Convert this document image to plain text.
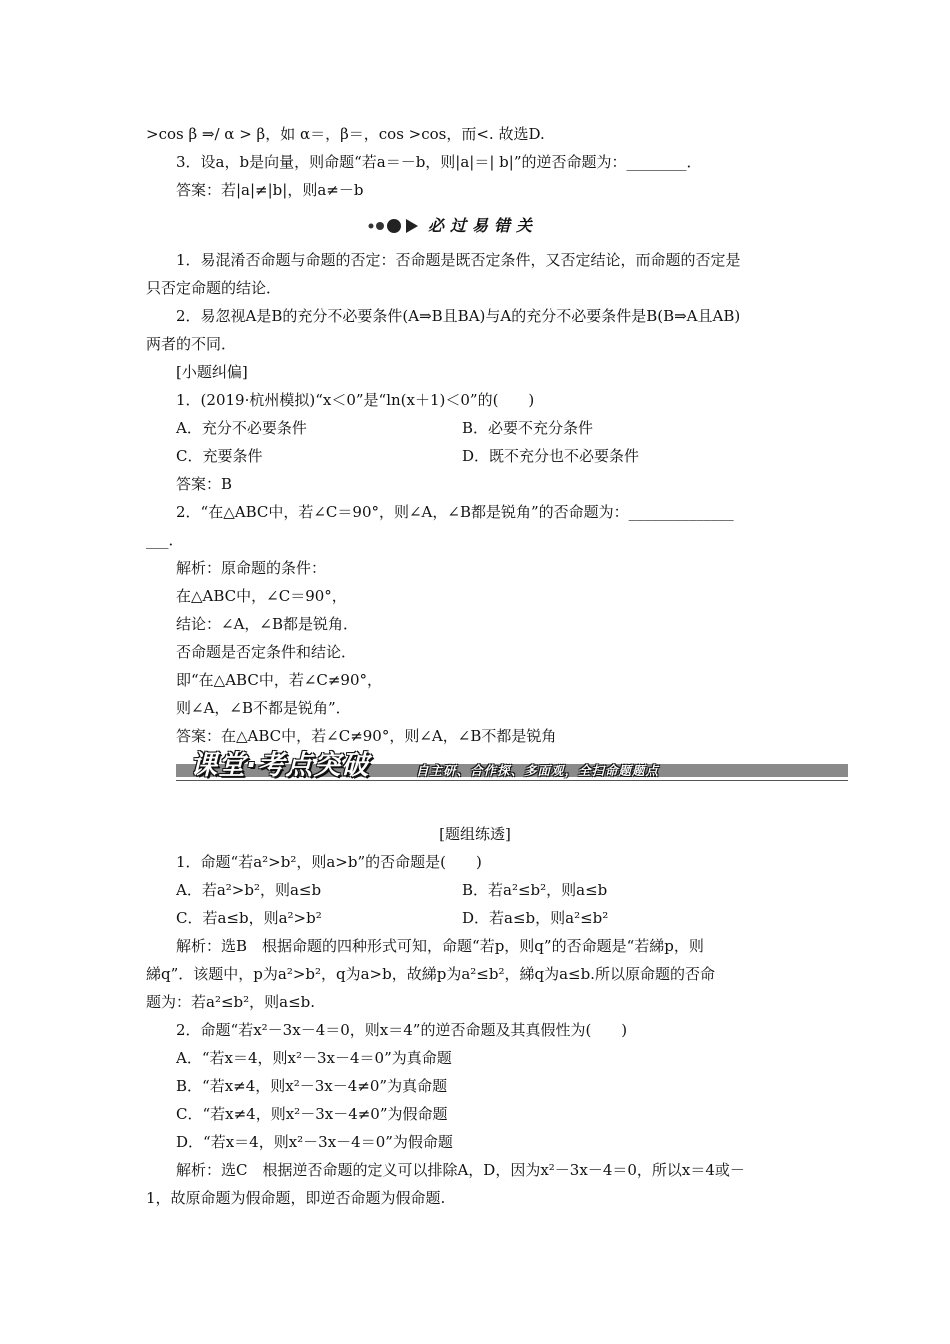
>cos β ⇒/ α > β，如 α＝，β＝，cos >cos，而<. 故选D.
3．设a，b是向量，则命题“若a＝－b，则|a|＝| b|”的逆否命题为：________．
答案：若|a|≠|b|，则a≠－b
必过易错关
1．易混淆否命题与命题的否定：否命题是既否定条件，又否定结论，而命题的否定是
只否定命题的结论．
2．易忽视A是B的充分不必要条件(A⇒B且BA)与A的充分不必要条件是B(B⇒A且AB)
两者的不同．
[小题纠偏]
1．(2019·杭州模拟)“x＜0”是“ln(x＋1)＜0”的(　　)
A．充分不必要条件	B．必要不充分条件
C．充要条件	D．既不充分也不必要条件
答案：B
2．“在△ABC中，若∠C＝90°，则∠A，∠B都是锐角”的否命题为：______________
___．
解析：原命题的条件：
在△ABC中，∠C＝90°，
结论：∠A，∠B都是锐角．
否命题是否定条件和结论．
即“在△ABC中，若∠C≠90°，
则∠A，∠B不都是锐角”．
答案：在△ABC中，若∠C≠90°，则∠A，∠B不都是锐角
课堂·考点突破	自主研、合作探、多面观，全扫命题题点
[题组练透]
1．命题“若a²>b²，则a>b”的否命题是(　　)
A．若a²>b²，则a≤b	B．若a²≤b²，则a≤b
C．若a≤b，则a²>b²	D．若a≤b，则a²≤b²
解析：选B　根据命题的四种形式可知，命题“若p，则q”的否命题是“若綈p，则
綈q”．该题中，p为a²>b²，q为a>b，故綈p为a²≤b²，綈q为a≤b.所以原命题的否命
题为：若a²≤b²，则a≤b.
2．命题“若x²－3x－4＝0，则x＝4”的逆否命题及其真假性为(　　)
A．“若x＝4，则x²－3x－4＝0”为真命题
B．“若x≠4，则x²－3x－4≠0”为真命题
C．“若x≠4，则x²－3x－4≠0”为假命题
D．“若x＝4，则x²－3x－4＝0”为假命题
解析：选C　根据逆否命题的定义可以排除A，D，因为x²－3x－4＝0，所以x＝4或－
1，故原命题为假命题，即逆否命题为假命题.
